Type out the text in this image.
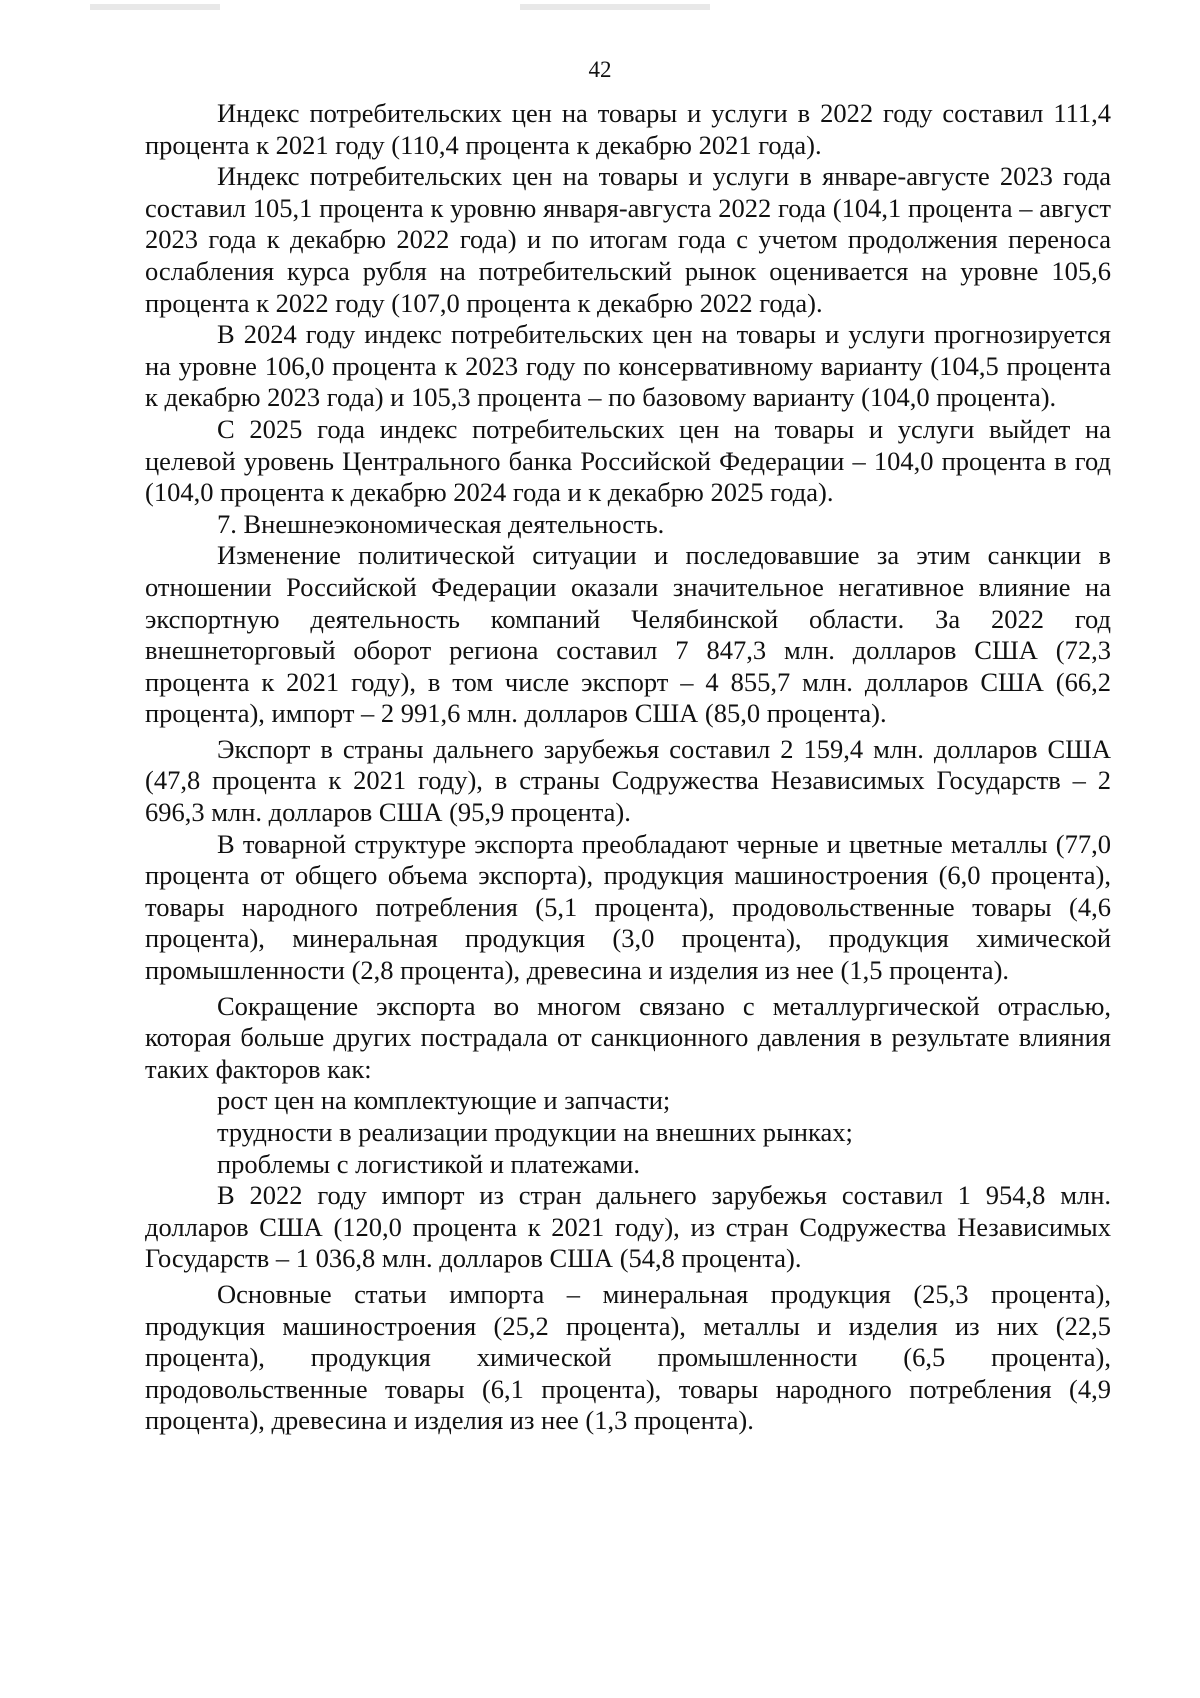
42

Индекс потребительских цен на товары и услуги в 2022 году составил 111,4 процента к 2021 году (110,4 процента к декабрю 2021 года).

Индекс потребительских цен на товары и услуги в январе-августе 2023 года составил 105,1 процента к уровню января-августа 2022 года (104,1 процента – август 2023 года к декабрю 2022 года) и по итогам года с учетом продолжения переноса ослабления курса рубля на потребительский рынок оценивается на уровне 105,6 процента к 2022 году (107,0 процента к декабрю 2022 года).

В 2024 году индекс потребительских цен на товары и услуги прогнозируется на уровне 106,0 процента к 2023 году по консервативному варианту (104,5 процента к декабрю 2023 года) и 105,3 процента – по базовому варианту (104,0 процента).

С 2025 года индекс потребительских цен на товары и услуги выйдет на целевой уровень Центрального банка Российской Федерации – 104,0 процента в год (104,0 процента к декабрю 2024 года и к декабрю 2025 года).

7. Внешнеэкономическая деятельность.

Изменение политической ситуации и последовавшие за этим санкции в отношении Российской Федерации оказали значительное негативное влияние на экспортную деятельность компаний Челябинской области. За 2022 год внешнеторговый оборот региона составил 7 847,3 млн. долларов США (72,3 процента к 2021 году), в том числе экспорт – 4 855,7 млн. долларов США (66,2 процента), импорт – 2 991,6 млн. долларов США (85,0 процента).

Экспорт в страны дальнего зарубежья составил 2 159,4 млн. долларов США (47,8 процента к 2021 году), в страны Содружества Независимых Государств – 2 696,3 млн. долларов США (95,9 процента).

В товарной структуре экспорта преобладают черные и цветные металлы (77,0 процента от общего объема экспорта), продукция машиностроения (6,0 процента), товары народного потребления (5,1 процента), продовольственные товары (4,6 процента), минеральная продукция (3,0 процента), продукция химической промышленности (2,8 процента), древесина и изделия из нее (1,5 процента).

Сокращение экспорта во многом связано с металлургической отраслью, которая больше других пострадала от санкционного давления в результате влияния таких факторов как:

рост цен на комплектующие и запчасти;

трудности в реализации продукции на внешних рынках;

проблемы с логистикой и платежами.

В 2022 году импорт из стран дальнего зарубежья составил 1 954,8 млн. долларов США (120,0 процента к 2021 году), из стран Содружества Независимых Государств – 1 036,8 млн. долларов США (54,8 процента).

Основные статьи импорта – минеральная продукция (25,3 процента), продукция машиностроения (25,2 процента), металлы и изделия из них (22,5 процента), продукция химической промышленности (6,5 процента), продовольственные товары (6,1 процента), товары народного потребления (4,9 процента), древесина и изделия из нее (1,3 процента).
